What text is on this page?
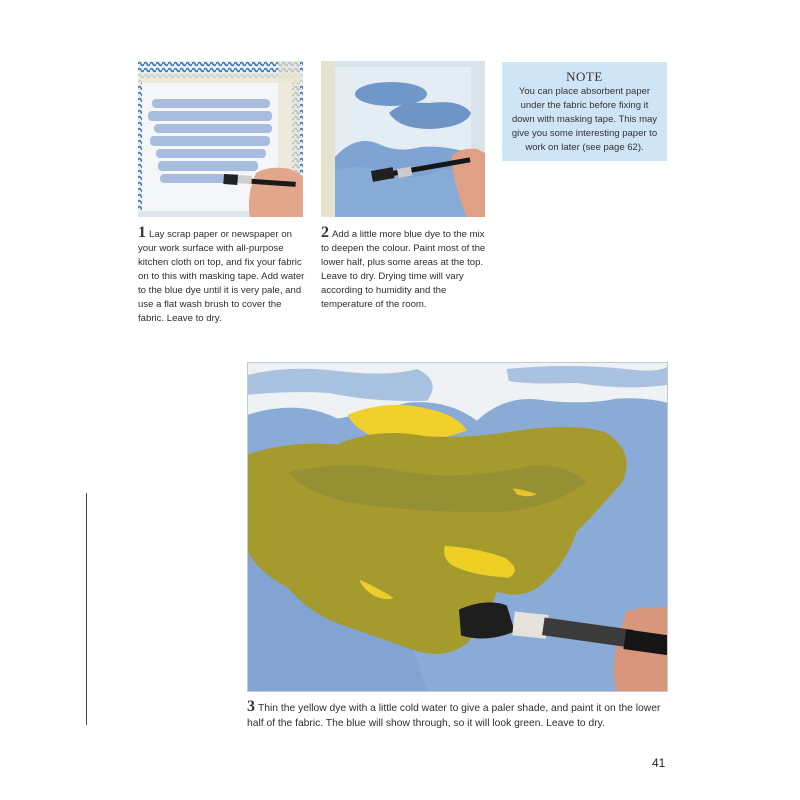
NOTE
You can place absorbent paper under the fabric before fixing it down with masking tape. This may give you some interesting paper to work on later (see page 62).
1 Lay scrap paper or newspaper on your work surface with all-purpose kitchen cloth on top, and fix your fabric on to this with masking tape. Add water to the blue dye until it is very pale, and use a flat wash brush to cover the fabric. Leave to dry.
2 Add a little more blue dye to the mix to deepen the colour. Paint most of the lower half, plus some areas at the top. Leave to dry. Drying time will vary according to humidity and the temperature of the room.
3 Thin the yellow dye with a little cold water to give a paler shade, and paint it on the lower half of the fabric. The blue will show through, so it will look green. Leave to dry.
41
